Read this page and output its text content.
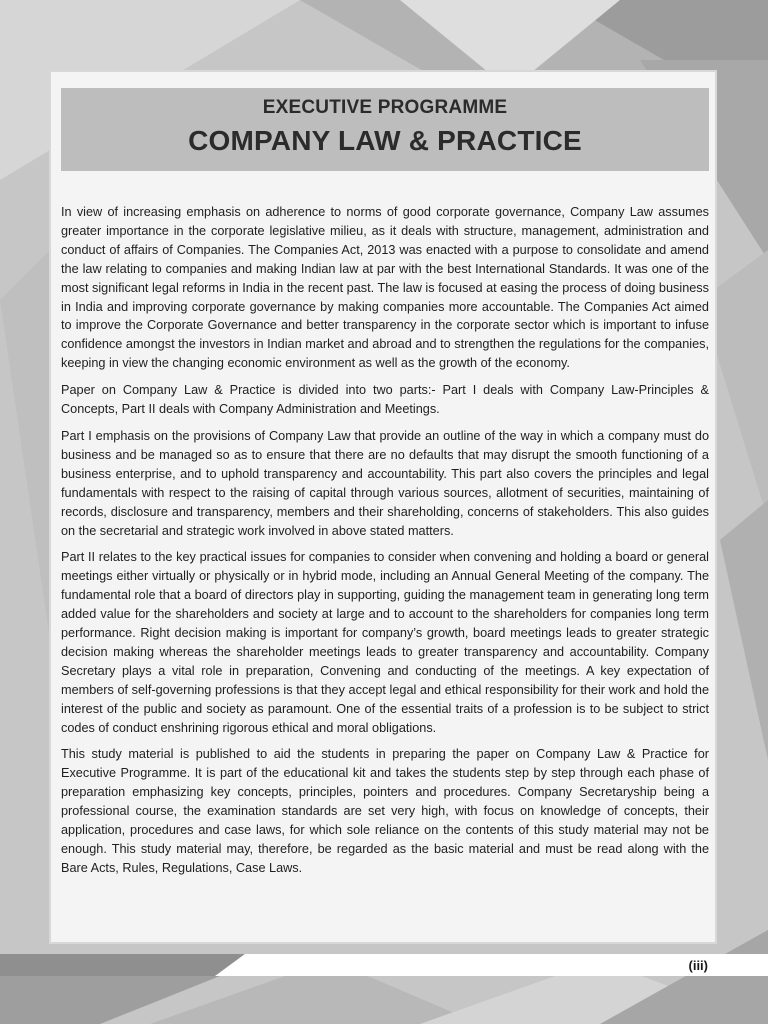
EXECUTIVE PROGRAMME
COMPANY LAW & PRACTICE

In view of increasing emphasis on adherence to norms of good corporate governance, Company Law assumes greater importance in the corporate legislative milieu, as it deals with structure, management, administration and conduct of affairs of Companies. The Companies Act, 2013 was enacted with a purpose to consolidate and amend the law relating to companies and making Indian law at par with the best International Standards. It was one of the most significant legal reforms in India in the recent past. The law is focused at easing the process of doing business in India and improving corporate governance by making companies more accountable. The Companies Act aimed to improve the Corporate Governance and better transparency in the corporate sector which is important to infuse confidence amongst the investors in Indian market and abroad and to strengthen the regulations for the companies, keeping in view the changing economic environment as well as the growth of the economy.

Paper on Company Law & Practice is divided into two parts:- Part I deals with Company Law-Principles & Concepts, Part II deals with Company Administration and Meetings.

Part I emphasis on the provisions of Company Law that provide an outline of the way in which a company must do business and be managed so as to ensure that there are no defaults that may disrupt the smooth functioning of a business enterprise, and to uphold transparency and accountability. This part also covers the principles and legal fundamentals with respect to the raising of capital through various sources, allotment of securities, maintaining of records, disclosure and transparency, members and their shareholding, concerns of stakeholders. This also guides on the secretarial and strategic work involved in above stated matters.

Part II relates to the key practical issues for companies to consider when convening and holding a board or general meetings either virtually or physically or in hybrid mode, including an Annual General Meeting of the company. The fundamental role that a board of directors play in supporting, guiding the management team in generating long term added value for the shareholders and society at large and to account to the shareholders for companies long term performance. Right decision making is important for company’s growth, board meetings leads to greater strategic decision making whereas the shareholder meetings leads to greater transparency and accountability. Company Secretary plays a vital role in preparation, Convening and conducting of the meetings. A key expectation of members of self-governing professions is that they accept legal and ethical responsibility for their work and hold the interest of the public and society as paramount. One of the essential traits of a profession is to be subject to strict codes of conduct enshrining rigorous ethical and moral obligations.

This study material is published to aid the students in preparing the paper on Company Law & Practice for Executive Programme. It is part of the educational kit and takes the students step by step through each phase of preparation emphasizing key concepts, principles, pointers and procedures. Company Secretaryship being a professional course, the examination standards are set very high, with focus on knowledge of concepts, their application, procedures and case laws, for which sole reliance on the contents of this study material may not be enough. This study material may, therefore, be regarded as the basic material and must be read along with the Bare Acts, Rules, Regulations, Case Laws.

(iii)
